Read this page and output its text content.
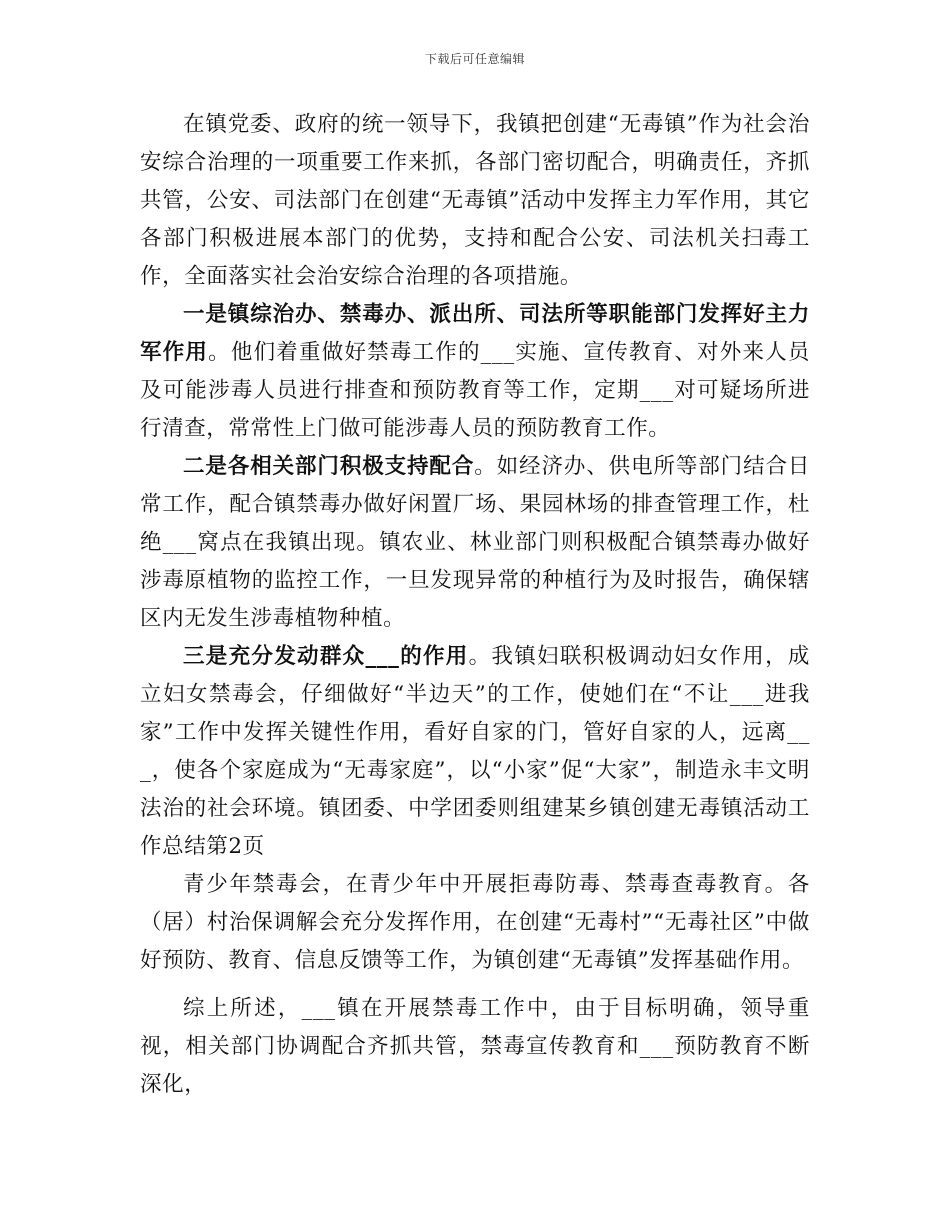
下载后可任意编辑

在镇党委、政府的统一领导下，我镇把创建“无毒镇”作为社会治安综合治理的一项重要工作来抓，各部门密切配合，明确责任，齐抓共管，公安、司法部门在创建“无毒镇”活动中发挥主力军作用，其它各部门积极进展本部门的优势，支持和配合公安、司法机关扫毒工作，全面落实社会治安综合治理的各项措施。

一是镇综治办、禁毒办、派出所、司法所等职能部门发挥好主力军作用。他们着重做好禁毒工作的___实施、宣传教育、对外来人员及可能涉毒人员进行排查和预防教育等工作，定期___对可疑场所进行清查，常常性上门做可能涉毒人员的预防教育工作。

二是各相关部门积极支持配合。如经济办、供电所等部门结合日常工作，配合镇禁毒办做好闲置厂场、果园林场的排查管理工作，杜绝___窝点在我镇出现。镇农业、林业部门则积极配合镇禁毒办做好涉毒原植物的监控工作，一旦发现异常的种植行为及时报告，确保辖区内无发生涉毒植物种植。

三是充分发动群众___的作用。我镇妇联积极调动妇女作用，成立妇女禁毒会，仔细做好“半边天”的工作，使她们在“不让___进我家”工作中发挥关键性作用，看好自家的门，管好自家的人，远离___，使各个家庭成为“无毒家庭”，以“小家”促“大家”，制造永丰文明法治的社会环境。镇团委、中学团委则组建某乡镇创建无毒镇活动工作总结第2页

青少年禁毒会，在青少年中开展拒毒防毒、禁毒查毒教育。各（居）村治保调解会充分发挥作用，在创建“无毒村”“无毒社区”中做好预防、教育、信息反馈等工作，为镇创建“无毒镇”发挥基础作用。

综上所述，___镇在开展禁毒工作中，由于目标明确，领导重视，相关部门协调配合齐抓共管，禁毒宣传教育和___预防教育不断深化，
